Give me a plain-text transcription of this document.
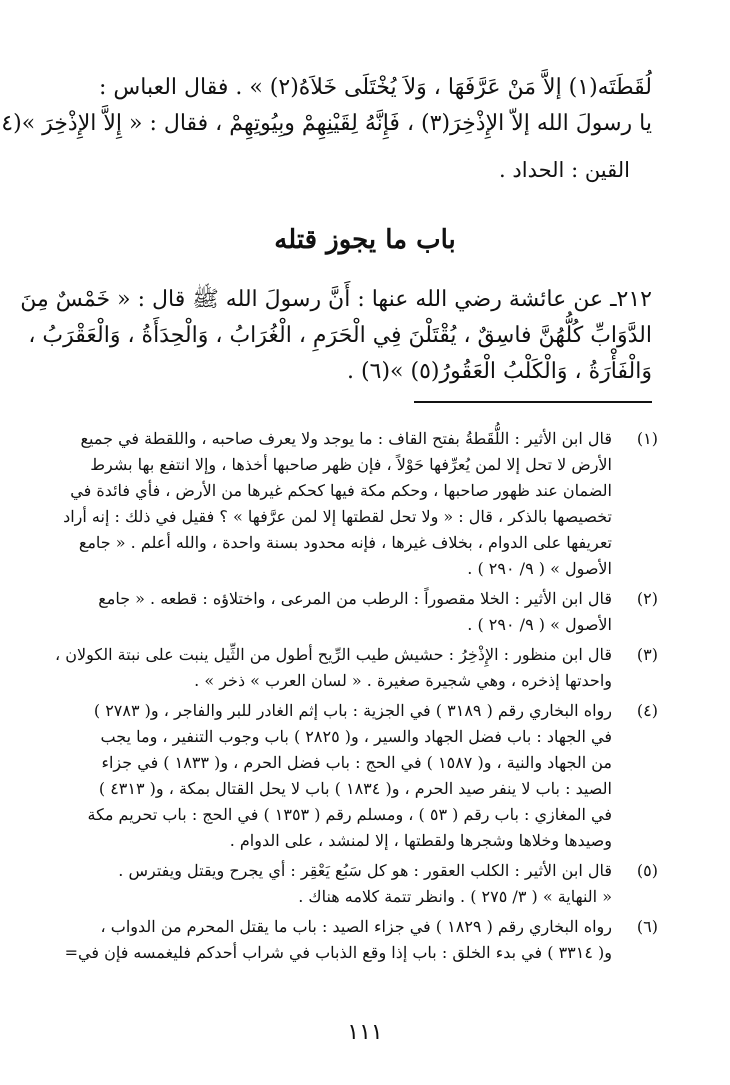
لُقَطَتَه(١) إلاَّ مَنْ عَرَّفَهَا ، وَلاَ يُخْتَلَى خَلاَهُ(٢) » . فقال العباس :
يا رسولَ الله إلاّ الإِذْخِرَ(٣) ، فَإِنَّهُ لِقَيْنِهِمْ وبِيُوتِهِمْ ، فقال : « إِلاَّ الإِذْخِرَ »(٤
القين : الحداد .
باب ما يجوز قتله
٢١٢ـ عن عائشة رضي الله عنها : أَنَّ رسولَ الله ﷺ قال : « خَمْسٌ مِنَ
الدَّوَابِّ كُلُّهُنَّ فاسِقٌ ، يُقْتَلْنَ فِي الْحَرَمِ ، الْغُرَابُ ، وَالْحِدَأَةُ ، وَالْعَقْرَبُ ،
وَالْفَأْرَةُ ، وَالْكَلْبُ الْعَقُورُ(٥) »(٦) .
(١)
قال ابن الأثير : اللُّقَطةُ بفتح القاف : ما يوجد ولا يعرف صاحبه ، واللقطة في جميع
الأرض لا تحل إلا لمن يُعرِّفها حَوْلاً ، فإن ظهر صاحبها أخذها ، وإلا انتفع بها بشرط
الضمان عند ظهور صاحبها ، وحكم مكة فيها كحكم غيرها من الأرض ، فأي فائدة في
تخصيصها بالذكر ، قال : « ولا تحل لقطتها إلا لمن عرَّفها » ؟ فقيل في ذلك : إنه أراد
تعريفها على الدوام ، بخلاف غيرها ، فإنه محدود بسنة واحدة ، والله أعلم . « جامع
الأصول » ( ٩/ ٢٩٠ ) .
(٢)
قال ابن الأثير : الخلا مقصوراً : الرطب من المرعى ، واختلاؤه : قطعه . « جامع
الأصول » ( ٩/ ٢٩٠ ) .
(٣)
قال ابن منظور : الإِذْخِرُ : حشيش طيب الرِّيح أطول من الثِّيل ينبت على نبتة الكولان ،
واحدتها إذخره ، وهي شجيرة صغيرة . « لسان العرب » ذخر » .
(٤)
رواه البخاري رقم ( ٣١٨٩ ) في الجزية : باب إثم الغادر للبر والفاجر ، و( ٢٧٨٣ )
في الجهاد : باب فضل الجهاد والسير ، و( ٢٨٢٥ ) باب وجوب التنفير ، وما يجب
من الجهاد والنية ، و( ١٥٨٧ ) في الحج : باب فضل الحرم ، و( ١٨٣٣ ) في جزاء
الصيد : باب لا ينفر صيد الحرم ، و( ١٨٣٤ ) باب لا يحل القتال بمكة ، و( ٤٣١٣ )
في المغازي : باب رقم ( ٥٣ ) ، ومسلم رقم ( ١٣٥٣ ) في الحج : باب تحريم مكة
وصيدها وخلاها وشجرها ولقطتها ، إلا لمنشد ، على الدوام .
(٥)
قال ابن الأثير : الكلب العقور : هو كل سَبُع يَعْقِر : أي يجرح ويقتل ويفترس .
« النهاية » ( ٣/ ٢٧٥ ) . وانظر تتمة كلامه هناك .
(٦)
رواه البخاري رقم ( ١٨٢٩ ) في جزاء الصيد : باب ما يقتل المحرم من الدواب ،
و( ٣٣١٤ ) في بدء الخلق : باب إذا وقع الذباب في شراب أحدكم فليغمسه فإن في=
١١١
